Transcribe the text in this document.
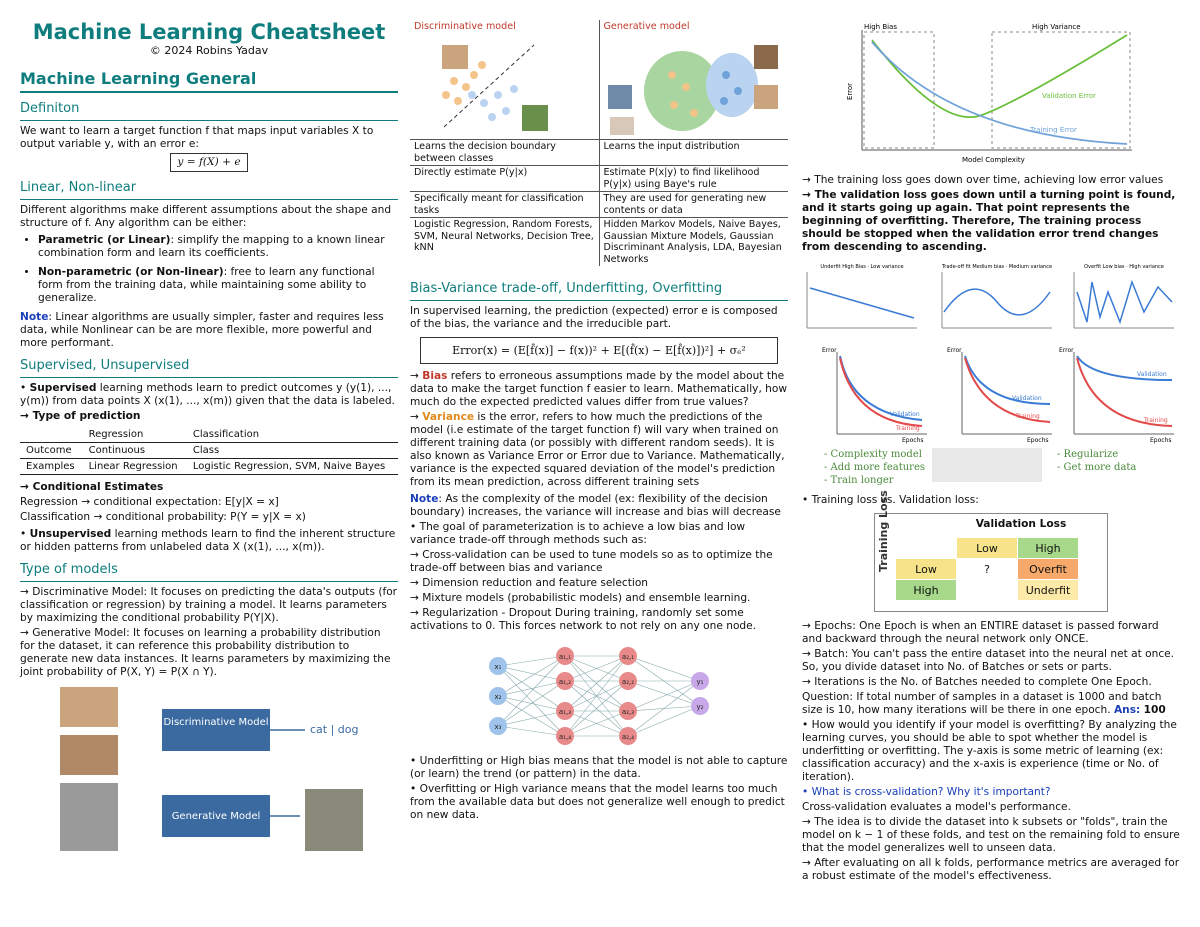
Machine Learning Cheatsheet
© 2024 Robins Yadav
Machine Learning General
Definiton

We want to learn a target function f that maps input variables X to output variable y, with an error e:

y = f(X) + e
Linear, Non-linear

Different algorithms make different assumptions about the shape and structure of f. Any algorithm can be either:

• Parametric (or Linear): simplify the mapping to a known linear combination form and learn its coefficients.
• Non-parametric (or Non-linear): free to learn any functional form from the training data, while maintaining some ability to generalize.

Note: Linear algorithms are usually simpler, faster and requires less data, while Nonlinear can be are more flexible, more powerful and more performant.

Supervised, Unsupervised

• Supervised learning methods learn to predict outcomes y (y(1), ..., y(m)) from data points X (x(1), ..., x(m)) given that the data is labeled.

→ Type of prediction

	Regression	Classification
Outcome	Continuous	Class
Examples	Linear Regression	Logistic Regression, SVM, Naive Bayes

→ Conditional Estimates

Regression → conditional expectation: E[y|X = x]

Classification → conditional probability: P(Y = y|X = x)

• Unsupervised learning methods learn to find the inherent structure or hidden patterns from unlabeled data X (x(1), ..., x(m)).

Type of models

→ Discriminative Model: It focuses on predicting the data's outputs (for classification or regression) by training a model. It learns parameters by maximizing the conditional probability P(Y|X).

→ Generative Model: It focuses on learning a probability distribution for the dataset, it can reference this probability distribution to generate new data instances. It learns parameters by maximizing the joint probability of P(X, Y) = P(X ∩ Y).

Discriminative Model
cat | dog
Generative Model
Discriminative model	Generative model

Learns the decision boundary between classes	Learns the input distribution
Directly estimate P(y|x)	Estimate P(x|y) to find likelihood P(y|x) using Baye's rule
Specifically meant for classification tasks	They are used for generating new contents or data
Logistic Regression, Random Forests, SVM, Neural Networks, Decision Tree, kNN	Hidden Markov Models, Naive Bayes, Gaussian Mixture Models, Gaussian Discriminant Analysis, LDA, Bayesian Networks
Bias-Variance trade-off, Underfitting, Overfitting

In supervised learning, the prediction (expected) error e is composed of the bias, the variance and the irreducible part.

Error(x) = (E[f̂(x)] − f(x))² + E[(f̂(x) − E[f̂(x)])²] + σₑ²

→ Bias refers to erroneous assumptions made by the model about the data to make the target function f easier to learn. Mathematically, how much do the expected predicted values differ from true values?

→ Variance is the error, refers to how much the predictions of the model (i.e estimate of the target function f) will vary when trained on different training data (or possibly with different random seeds). It is also known as Variance Error or Error due to Variance. Mathematically, variance is the expected squared deviation of the model's prediction from its mean prediction, across different training sets

Note: As the complexity of the model (ex: flexibility of the decision boundary) increases, the variance will increase and bias will decrease

• The goal of parameterization is to achieve a low bias and low variance trade-off through methods such as:

→ Cross-validation can be used to tune models so as to optimize the trade-off between bias and variance

→ Dimension reduction and feature selection

→ Mixture models (probabilistic models) and ensemble learning.

→ Regularization - Dropout During training, randomly set some activations to 0. This forces network to not rely on any one node.

x₁
x₂
x₃
a₁,₁
a₁,₂
a₁,₃
a₁,₄
a₂,₁
a₂,₂
a₂,₃
a₂,₄
y₁
y₂

• Underfitting or High bias means that the model is not able to capture (or learn) the trend (or pattern) in the data.

• Overfitting or High variance means that the model learns too much from the available data but does not generalize well enough to predict on new data.

High Bias	High Variance
Validation Error
Training Error
Error
Model Complexity

→ The training loss goes down over time, achieving low error values

→ The validation loss goes down until a turning point is found, and it starts going up again. That point represents the beginning of overfitting. Therefore, The training process should be stopped when the validation error trend changes from descending to ascending.

Underfit High Bias · Low variance	Trade-off fit Medium bias · Medium variance	Overfit Low bias · High variance

Error
Epochs
Validation
Training
Error
Epochs
Validation
Training
Error
Epochs
Validation
Training
- Complexity model
- Add more features
- Train longer
- Regularize
- Get more data

• Training loss vs. Validation loss:

Training Loss	Validation Loss
	Low	High
Low	?	Overfit
High		Underfit

→ Epochs: One Epoch is when an ENTIRE dataset is passed forward and backward through the neural network only ONCE.

→ Batch: You can't pass the entire dataset into the neural net at once. So, you divide dataset into No. of Batches or sets or parts.

→ Iterations is the No. of Batches needed to complete One Epoch.

Question: If total number of samples in a dataset is 1000 and batch size is 10, how many iterations will be there in one epoch. Ans: 100

• How would you identify if your model is overfitting? By analyzing the learning curves, you should be able to spot whether the model is underfitting or overfitting. The y-axis is some metric of learning (ex: classification accuracy) and the x-axis is experience (time or No. of iteration).

• What is cross-validation? Why it's important?

Cross-validation evaluates a model's performance.

→ The idea is to divide the dataset into k subsets or "folds", train the model on k − 1 of these folds, and test on the remaining fold to ensure that the model generalizes well to unseen data.

→ After evaluating on all k folds, performance metrics are averaged for a robust estimate of the model's effectiveness.
